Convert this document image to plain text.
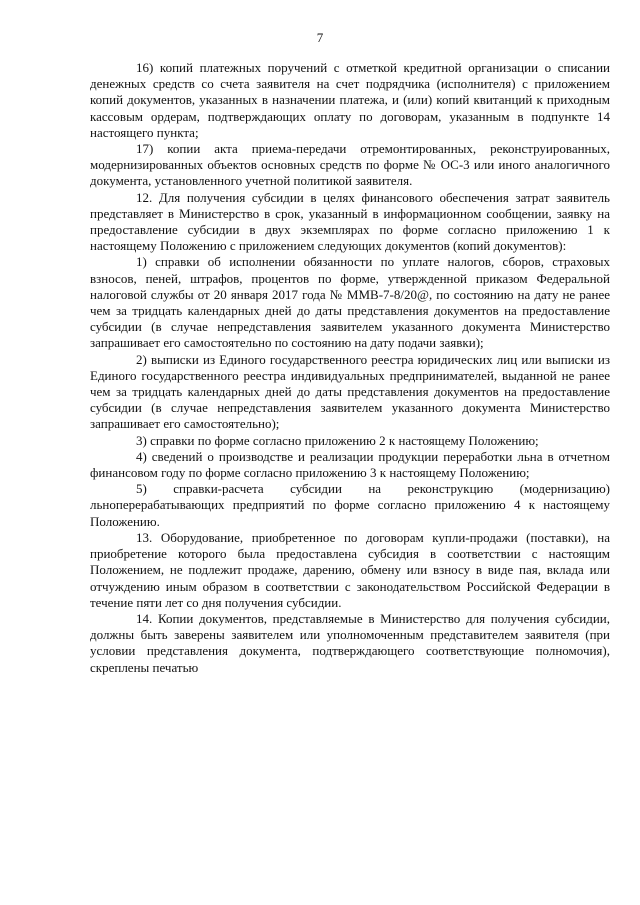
7

16) копий платежных поручений с отметкой кредитной организации о списании денежных средств со счета заявителя на счет подрядчика (исполнителя) с приложением копий документов, указанных в назначении платежа, и (или) копий квитанций к приходным кассовым ордерам, подтверждающих оплату по договорам, указанным в подпункте 14 настоящего пункта;

17) копии акта приема-передачи отремонтированных, реконструированных, модернизированных объектов основных средств по форме № ОС-3 или иного аналогичного документа, установленного учетной политикой заявителя.

12. Для получения субсидии в целях финансового обеспечения затрат заявитель представляет в Министерство в срок, указанный в информационном сообщении, заявку на предоставление субсидии в двух экземплярах по форме согласно приложению 1 к настоящему Положению с приложением следующих документов (копий документов):

1) справки об исполнении обязанности по уплате налогов, сборов, страховых взносов, пеней, штрафов, процентов по форме, утвержденной приказом Федеральной налоговой службы от 20 января 2017 года № ММВ-7-8/20@, по состоянию на дату не ранее чем за тридцать календарных дней до даты представления документов на предоставление субсидии (в случае непредставления заявителем указанного документа Министерство запрашивает его самостоятельно по состоянию на дату подачи заявки);

2) выписки из Единого государственного реестра юридических лиц или выписки из Единого государственного реестра индивидуальных предпринимателей, выданной не ранее чем за тридцать календарных дней до даты представления документов на предоставление субсидии (в случае непредставления заявителем указанного документа Министерство запрашивает его самостоятельно);

3) справки по форме согласно приложению 2 к настоящему Положению;

4) сведений о производстве и реализации продукции переработки льна в отчетном финансовом году по форме согласно приложению 3 к настоящему Положению;

5) справки-расчета субсидии на реконструкцию (модернизацию) льноперерабатывающих предприятий по форме согласно приложению 4 к настоящему Положению.

13. Оборудование, приобретенное по договорам купли-продажи (поставки), на приобретение которого была предоставлена субсидия в соответствии с настоящим Положением, не подлежит продаже, дарению, обмену или взносу в виде пая, вклада или отчуждению иным образом в соответствии с законодательством Российской Федерации в течение пяти лет со дня получения субсидии.

14. Копии документов, представляемые в Министерство для получения субсидии, должны быть заверены заявителем или уполномоченным представителем заявителя (при условии представления документа, подтверждающего соответствующие полномочия), скреплены печатью
